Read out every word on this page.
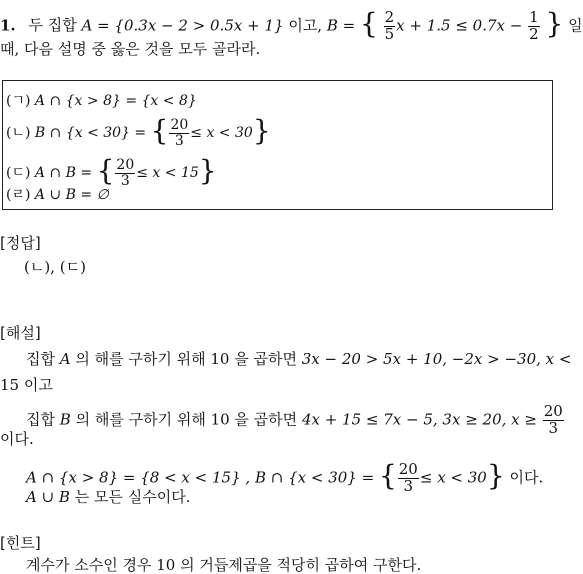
1. 두 집합 A = {0.3x − 2 > 0.5x + 1} 이고, B = { $\frac{2}{5}$ $x + 1.5 \le 0.7x - \frac{1}{2}$ } 일
때, 다음 설명 중 옳은 것을 모두 골라라.
(ㄱ) A ∩ {x > 8} = {x < 8}
(ㄴ) B ∩ {x < 30} = { $\frac{20}{3} \le x < 30$}
(ㄷ) A ∩ B = { $\frac{20}{3} \le x < 15$}
(ㄹ) A ∪ B = ∅
[정답]
(ㄴ), (ㄷ)
[해설]
집합 A 의 해를 구하기 위해 10 을 곱하면 3x − 20 > 5x + 10, −2x > −30, x <
15 이고
집합 B 의 해를 구하기 위해 10 을 곱하면 4x + 15 ≤ 7x − 5, 3x ≥ 20, $x \ge \frac{20}{3}$
이다.
A ∩ {x > 8} = {8 < x < 15} , B ∩ {x < 30} = { $\frac{20}{3} \le x < 30$} 이다.
A ∪ B 는 모든 실수이다.
[힌트]
계수가 소수인 경우 10 의 거듭제곱을 적당히 곱하여 구한다.
